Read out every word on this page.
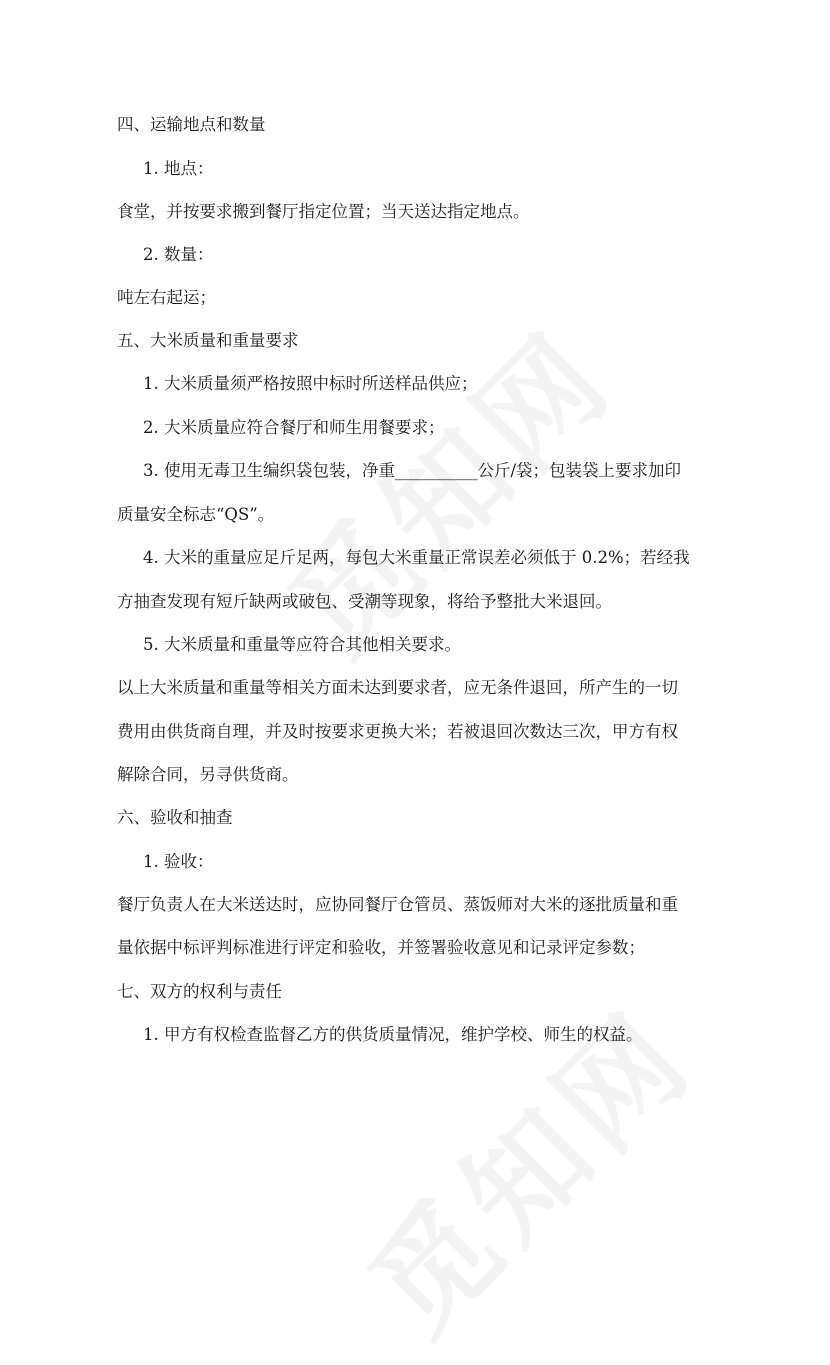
四、运输地点和数量
1. 地点：
食堂，并按要求搬到餐厅指定位置；当天送达指定地点。
2. 数量：
吨左右起运；
五、大米质量和重量要求
1. 大米质量须严格按照中标时所送样品供应；
2. 大米质量应符合餐厅和师生用餐要求；
3. 使用无毒卫生编织袋包装，净重__________公斤/袋；包装袋上要求加印
质量安全标志“QS”。
4. 大米的重量应足斤足两，每包大米重量正常误差必须低于 0.2%；若经我
方抽查发现有短斤缺两或破包、受潮等现象，将给予整批大米退回。
5. 大米质量和重量等应符合其他相关要求。
以上大米质量和重量等相关方面未达到要求者，应无条件退回，所产生的一切
费用由供货商自理，并及时按要求更换大米；若被退回次数达三次，甲方有权
解除合同，另寻供货商。
六、验收和抽查
1. 验收：
餐厅负责人在大米送达时，应协同餐厅仓管员、蒸饭师对大米的逐批质量和重
量依据中标评判标准进行评定和验收，并签署验收意见和记录评定参数；
七、双方的权利与责任
1. 甲方有权检查监督乙方的供货质量情况，维护学校、师生的权益。
